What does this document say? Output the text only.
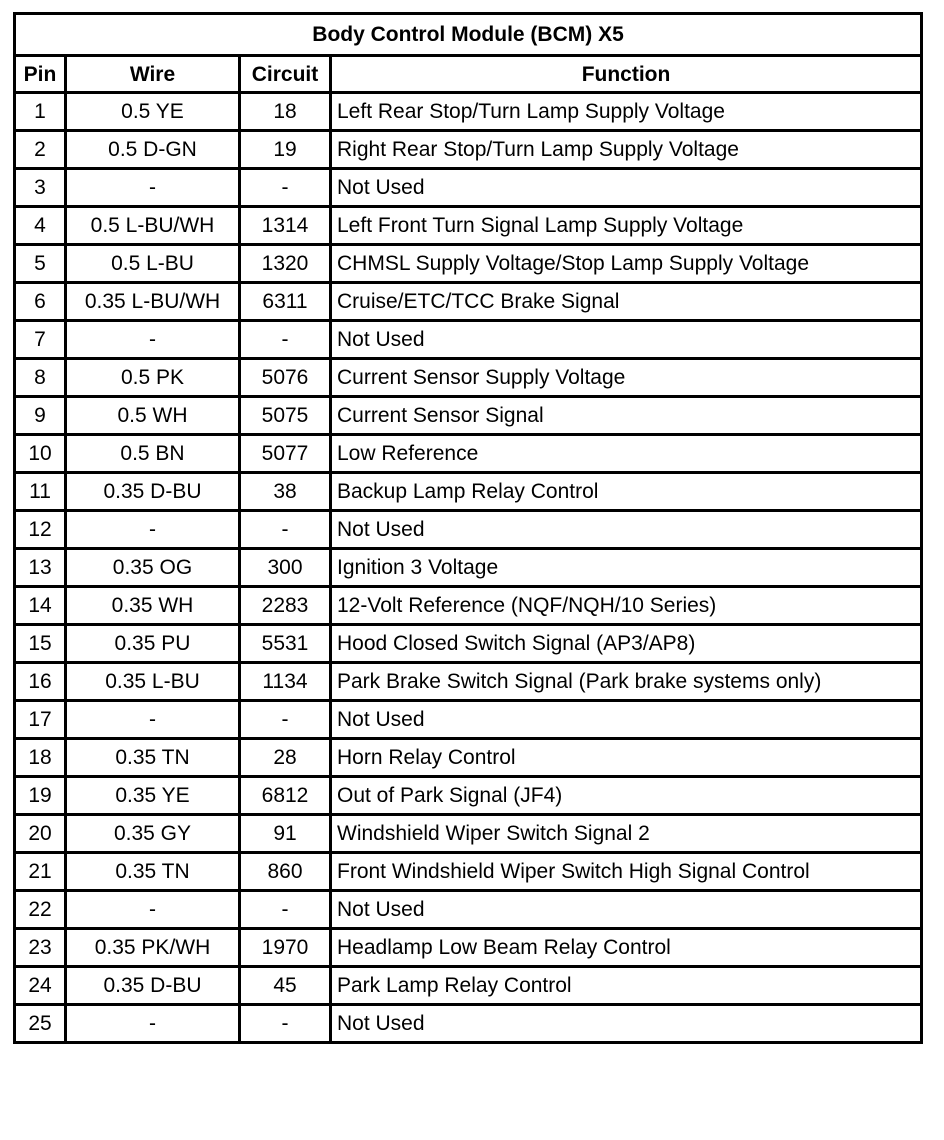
Body Control Module (BCM) X5			
Pin	Wire	Circuit	Function
1	0.5 YE	18	Left Rear Stop/Turn Lamp Supply Voltage
2	0.5 D-GN	19	Right Rear Stop/Turn Lamp Supply Voltage
3	-	-	Not Used
4	0.5 L-BU/WH	1314	Left Front Turn Signal Lamp Supply Voltage
5	0.5 L-BU	1320	CHMSL Supply Voltage/Stop Lamp Supply Voltage
6	0.35 L-BU/WH	6311	Cruise/ETC/TCC Brake Signal
7	-	-	Not Used
8	0.5 PK	5076	Current Sensor Supply Voltage
9	0.5 WH	5075	Current Sensor Signal
10	0.5 BN	5077	Low Reference
11	0.35 D-BU	38	Backup Lamp Relay Control
12	-	-	Not Used
13	0.35 OG	300	Ignition 3 Voltage
14	0.35 WH	2283	12-Volt Reference (NQF/NQH/10 Series)
15	0.35 PU	5531	Hood Closed Switch Signal (AP3/AP8)
16	0.35 L-BU	1134	Park Brake Switch Signal (Park brake systems only)
17	-	-	Not Used
18	0.35 TN	28	Horn Relay Control
19	0.35 YE	6812	Out of Park Signal (JF4)
20	0.35 GY	91	Windshield Wiper Switch Signal 2
21	0.35 TN	860	Front Windshield Wiper Switch High Signal Control
22	-	-	Not Used
23	0.35 PK/WH	1970	Headlamp Low Beam Relay Control
24	0.35 D-BU	45	Park Lamp Relay Control
25	-	-	Not Used
